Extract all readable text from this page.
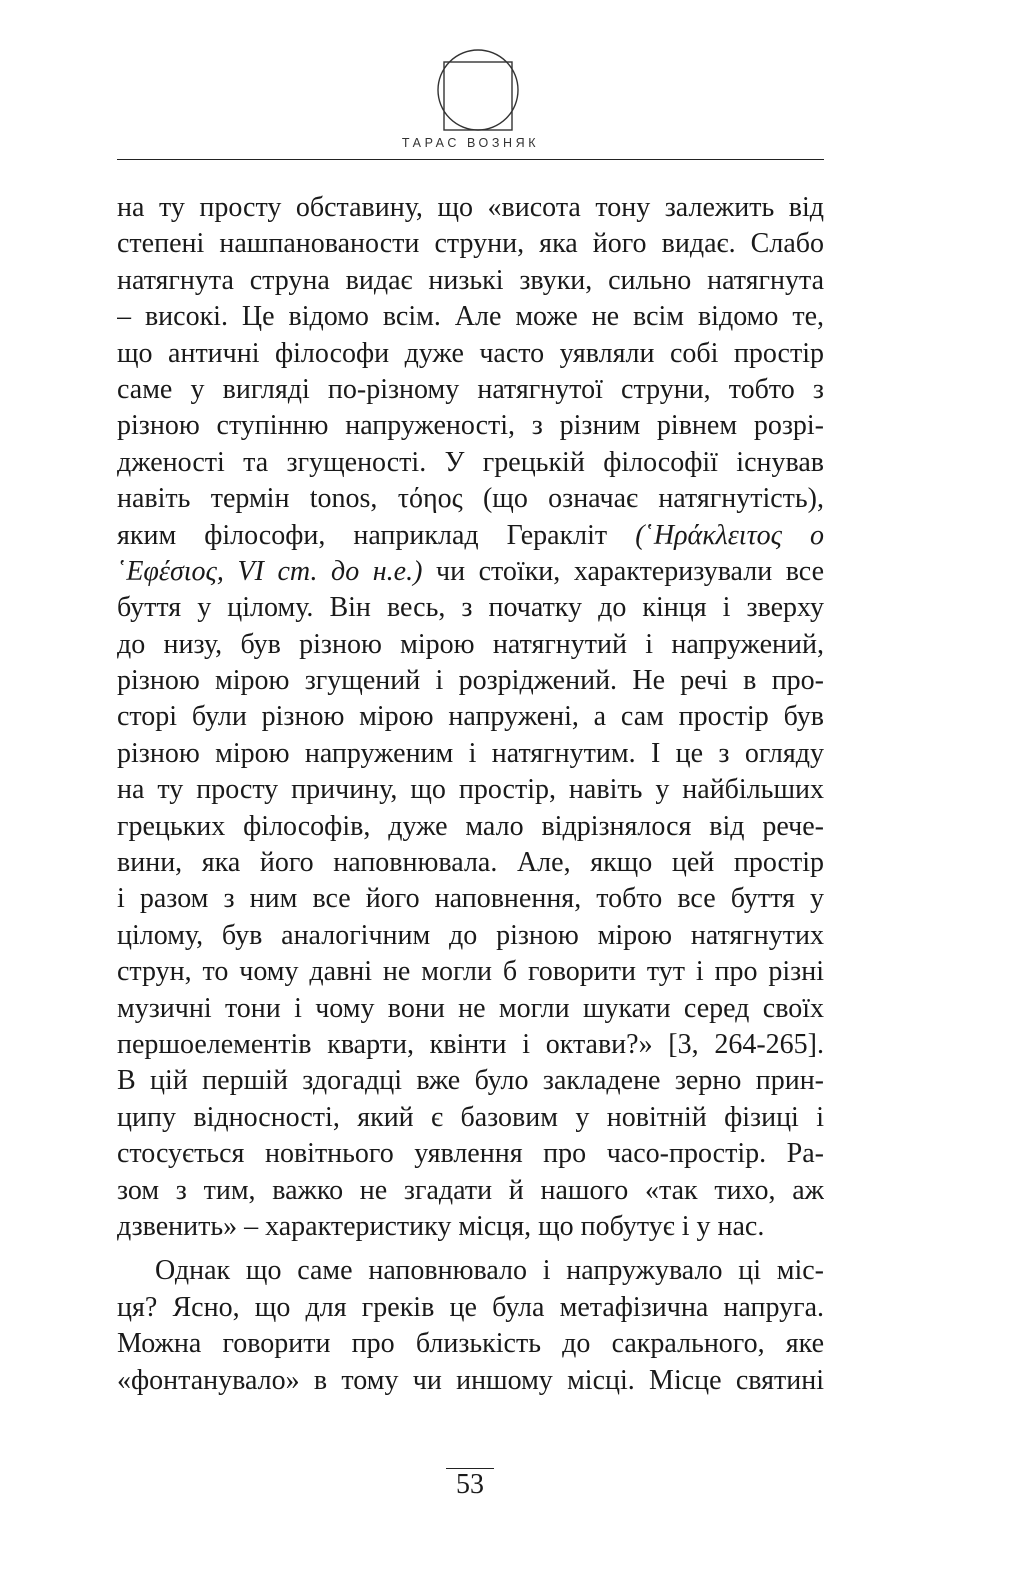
ТАРАС ВОЗНЯК
на ту просту обставину, що «висота тону залежить від
степені нашпанованости струни, яка його видає. Слабо
натягнута струна видає низькі звуки, сильно натягнута
– високі. Це відомо всім. Але може не всім відомо те,
що античні філософи дуже часто уявляли собі простір
саме у вигляді по-різному натягнутої струни, тобто з
різною ступінню напруженості, з різним рівнем розрі-
дженості та згущеності. У грецькій філософії існував
навіть термін tonos, τόηος (що означає натягнутість),
яким філософи, наприклад Геракліт (῾Ηράκλειτος ο
῾Εφέσιος, VI ст. до н.е.) чи стоїки, характеризували все
буття у цілому. Він весь, з початку до кінця і зверху
до низу, був різною мірою натягнутий і напружений,
різною мірою згущений і розріджений. Не речі в про-
сторі були різною мірою напружені, а сам простір був
різною мірою напруженим і натягнутим. І це з огляду
на ту просту причину, що простір, навіть у найбільших
грецьких філософів, дуже мало відрізнялося від рече-
вини, яка його наповнювала. Але, якщо цей простір
і разом з ним все його наповнення, тобто все буття у
цілому, був аналогічним до різною мірою натягнутих
струн, то чому давні не могли б говорити тут і про різні
музичні тони і чому вони не могли шукати серед своїх
першоелементів кварти, квінти і октави?» [3, 264-265].
В цій першій здогадці вже було закладене зерно прин-
ципу відносності, який є базовим у новітній фізиці і
стосується новітнього уявлення про часо-простір. Ра-
зом з тим, важко не згадати й нашого «так тихо, аж
дзвенить» – характеристику місця, що побутує і у нас.
Однак що саме наповнювало і напружувало ці міс-
ця? Ясно, що для греків це була метафізична напруга.
Можна говорити про близькість до сакрального, яке
«фонтанувало» в тому чи иншому місці. Місце святині
53
